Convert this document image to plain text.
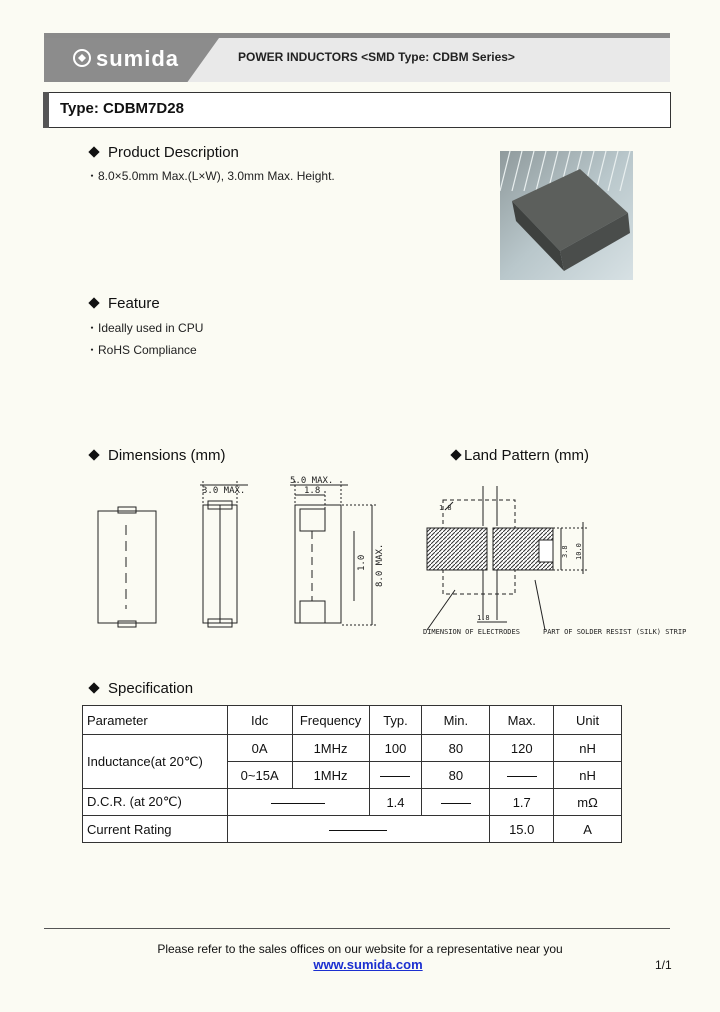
sumida	POWER INDUCTORS <SMD Type: CDBM Series>
Type: CDBM7D28
Product Description
・8.0×5.0mm Max.(L×W), 3.0mm Max. Height.
Feature
・Ideally used in CPU
・RoHS Compliance
Dimensions (mm)	Land Pattern (mm)
3.0 MAX.
5.0 MAX.
1.8
1.0 8.0 MAX.	3.8 10.0
1.8
1.8
DIMENSION OF ELECTRODES	PART OF SOLDER RESIST (SILK) STRIP
Specification
Parameter	Idc	Frequency	Typ.	Min.	Max.	Unit
Inductance(at 20℃)	0A	1MHz	100	80	120	nH
	0~15A	1MHz		80		nH
D.C.R. (at 20℃)			1.4		1.7	mΩ
Current Rating					15.0	A
Please refer to the sales offices on our website for a representative near you
www.sumida.com	1/1
